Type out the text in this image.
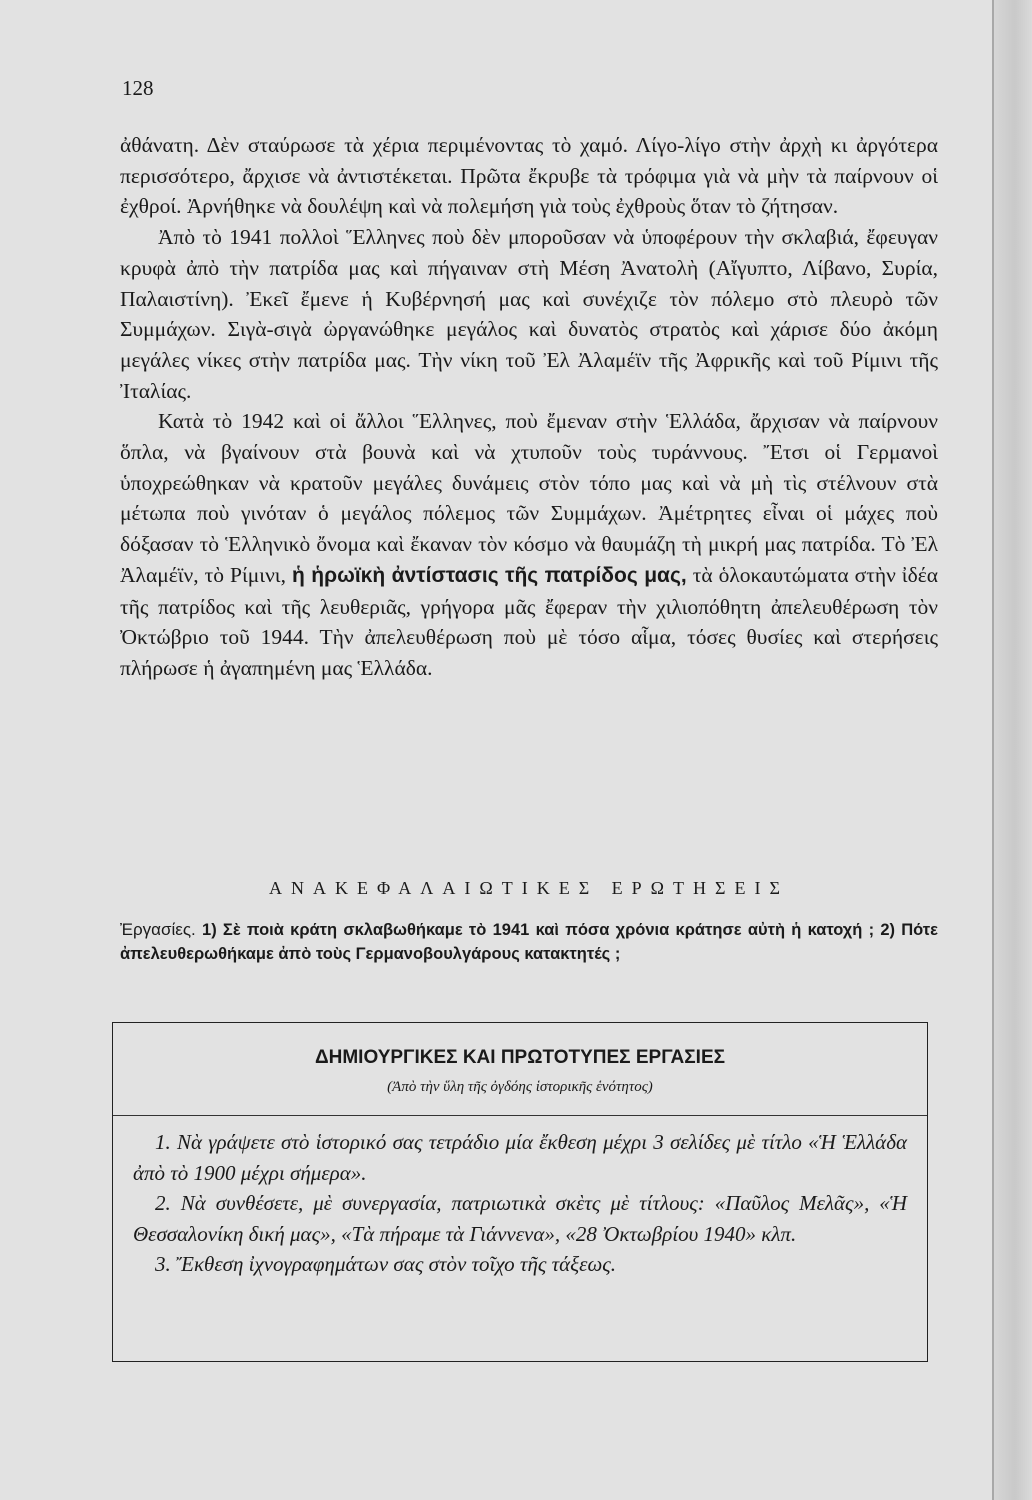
128

ἀθάνατη. Δὲν σταύρωσε τὰ χέρια περιμένοντας τὸ χαμό. Λίγο-λίγο στὴν ἀρχὴ κι ἀργότερα περισσότερο, ἄρχισε νὰ ἀντιστέκεται. Πρῶτα ἔκρυβε τὰ τρόφιμα γιὰ νὰ μὴν τὰ παίρνουν οἱ ἐχθροί. Ἀρνήθηκε νὰ δουλέψη καὶ νὰ πολεμήση γιὰ τοὺς ἐχθροὺς ὅταν τὸ ζήτησαν.

Ἀπὸ τὸ 1941 πολλοὶ Ἕλληνες ποὺ δὲν μποροῦσαν νὰ ὑποφέρουν τὴν σκλαβιά, ἔφευγαν κρυφὰ ἀπὸ τὴν πατρίδα μας καὶ πήγαιναν στὴ Μέση Ἀνατολὴ (Αἴγυπτο, Λίβανο, Συρία, Παλαιστίνη). Ἐκεῖ ἔμενε ἡ Κυβέρνησή μας καὶ συνέχιζε τὸν πόλεμο στὸ πλευρὸ τῶν Συμμάχων. Σιγὰ-σιγὰ ὠργανώθηκε μεγάλος καὶ δυνατὸς στρατὸς καὶ χάρισε δύο ἀκόμη μεγάλες νίκες στὴν πατρίδα μας. Τὴν νίκη τοῦ Ἐλ Ἀλαμέϊν τῆς Ἀφρικῆς καὶ τοῦ Ρίμινι τῆς Ἰταλίας.

Κατὰ τὸ 1942 καὶ οἱ ἄλλοι Ἕλληνες, ποὺ ἔμεναν στὴν Ἑλλάδα, ἄρχισαν νὰ παίρνουν ὅπλα, νὰ βγαίνουν στὰ βουνὰ καὶ νὰ χτυποῦν τοὺς τυράννους. Ἔτσι οἱ Γερμανοὶ ὑποχρεώθηκαν νὰ κρατοῦν μεγάλες δυνάμεις στὸν τόπο μας καὶ νὰ μὴ τὶς στέλνουν στὰ μέτωπα ποὺ γινόταν ὁ μεγάλος πόλεμος τῶν Συμμάχων. Ἀμέτρητες εἶναι οἱ μάχες ποὺ δόξασαν τὸ Ἑλληνικὸ ὄνομα καὶ ἔκαναν τὸν κόσμο νὰ θαυμάζη τὴ μικρή μας πατρίδα. Τὸ Ἐλ Ἀλαμέϊν, τὸ Ρίμινι, ἡ ἡρωϊκὴ ἀντίστασις τῆς πατρίδος μας, τὰ ὁλοκαυτώματα στὴν ἰδέα τῆς πατρίδος καὶ τῆς λευθεριᾶς, γρήγορα μᾶς ἔφεραν τὴν χιλιοπόθητη ἀπελευθέρωση τὸν Ὀκτώβριο τοῦ 1944. Τὴν ἀπελευθέρωση ποὺ μὲ τόσο αἷμα, τόσες θυσίες καὶ στερήσεις πλήρωσε ἡ ἀγαπημένη μας Ἑλλάδα.

ΑΝΑΚΕΦΑΛΑΙΩΤΙΚΕΣ ΕΡΩΤΗΣΕΙΣ
Ἐργασίες. 1) Σὲ ποιὰ κράτη σκλαβωθήκαμε τὸ 1941 καὶ πόσα χρόνια κράτησε αὐτὴ ἡ κατοχή ; 2) Πότε ἀπελευθερωθήκαμε ἀπὸ τοὺς Γερμανοβουλγάρους κατακτητές ;
ΔΗΜΙΟΥΡΓΙΚΕΣ ΚΑΙ ΠΡΩΤΟΤΥΠΕΣ ΕΡΓΑΣΙΕΣ
(Ἀπὸ τὴν ὕλη τῆς ὀγδόης ἱστορικῆς ἑνότητος)

1. Νὰ γράψετε στὸ ἱστορικό σας τετράδιο μία ἔκθεση μέχρι 3 σελίδες μὲ τίτλο «Ἡ Ἑλλάδα ἀπὸ τὸ 1900 μέχρι σήμερα».

2. Νὰ συνθέσετε, μὲ συνεργασία, πατριωτικὰ σκὲτς μὲ τίτλους: «Παῦλος Μελᾶς», «Ἡ Θεσσαλονίκη δική μας», «Τὰ πήραμε τὰ Γιάννενα», «28 Ὀκτωβρίου 1940» κλπ.

3. Ἔκθεση ἰχνογραφημάτων σας στὸν τοῖχο τῆς τάξεως.
